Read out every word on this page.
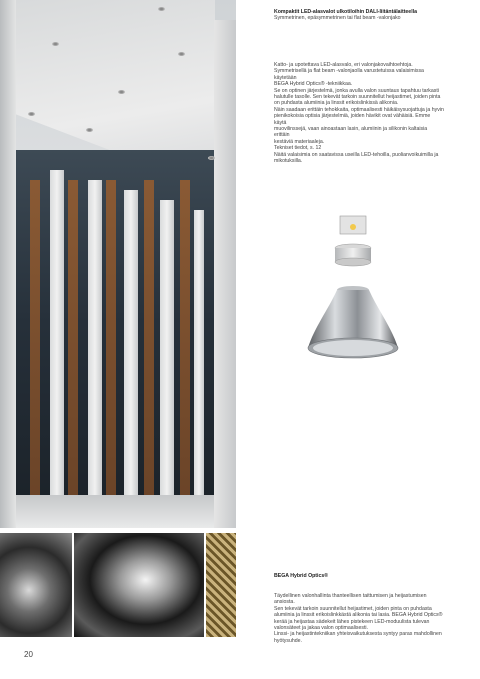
Kompaktit LED-alasvalot ulkotiloihin DALI-liitäntälaitteella
Symmetrinen, epäsymmetrinen tai flat beam -valonjako
Katto- ja upotettava LED-alasvalo, eri valonjakovaihtoehtoja.
Symmetrisellä ja flat beam -valonjaolla varustetuissa valaisimissa käytetään
BEGA Hybrid Optics® -tekniikkaa.
Se on optinen järjestelmä, jonka avulla valon suuntaus tapahtuu tarkasti
halutulle tasolle. Sen tekevät tarkoin suunnitellut heijastimet, joiden pinta
on puhdasta alumiinia ja linssit erikoislinkissä alikonia.
Näin saadaan erittäin tehokkaita, optimaalisesti häikäisysuojattuja ja hyvin
pienikokoisia optisia järjestelmiä, joiden hävikit ovat vähäisiä. Emme käytä
muovilinssejä, vaan ainoastaan lasin, alumiinin ja silikonin kaltaisia erittäin
kestäviä materiaaleja.
Tekniset tiedot, s. 12
Näitä valaisimia on saatavissa useilla LED-tehoilla, puolianvoikuimilla ja
mikotuksilla.
BEGA Hybrid Optics®
Täydellinen valonhallinta thanteellisen taittumisen ja heijastumisen ansiosta.
Sen tekevät tarkoin suunnitellut heijastimet, joiden pinta on puhdasta
alumiinia ja linssit erikoislinkkästä alikonia tai lasia. BEGA Hybrid Optics®
kerää ja heijastaa sädekeit lähes pistekeen LED-moduulista tulevan
valonsäteet ja jakaa valon optimaalisesti.
Linssi- ja heijastintekniikan yhteisvaikutuksesta syntyy paras mahdollinen
hyötysuhde.
20
